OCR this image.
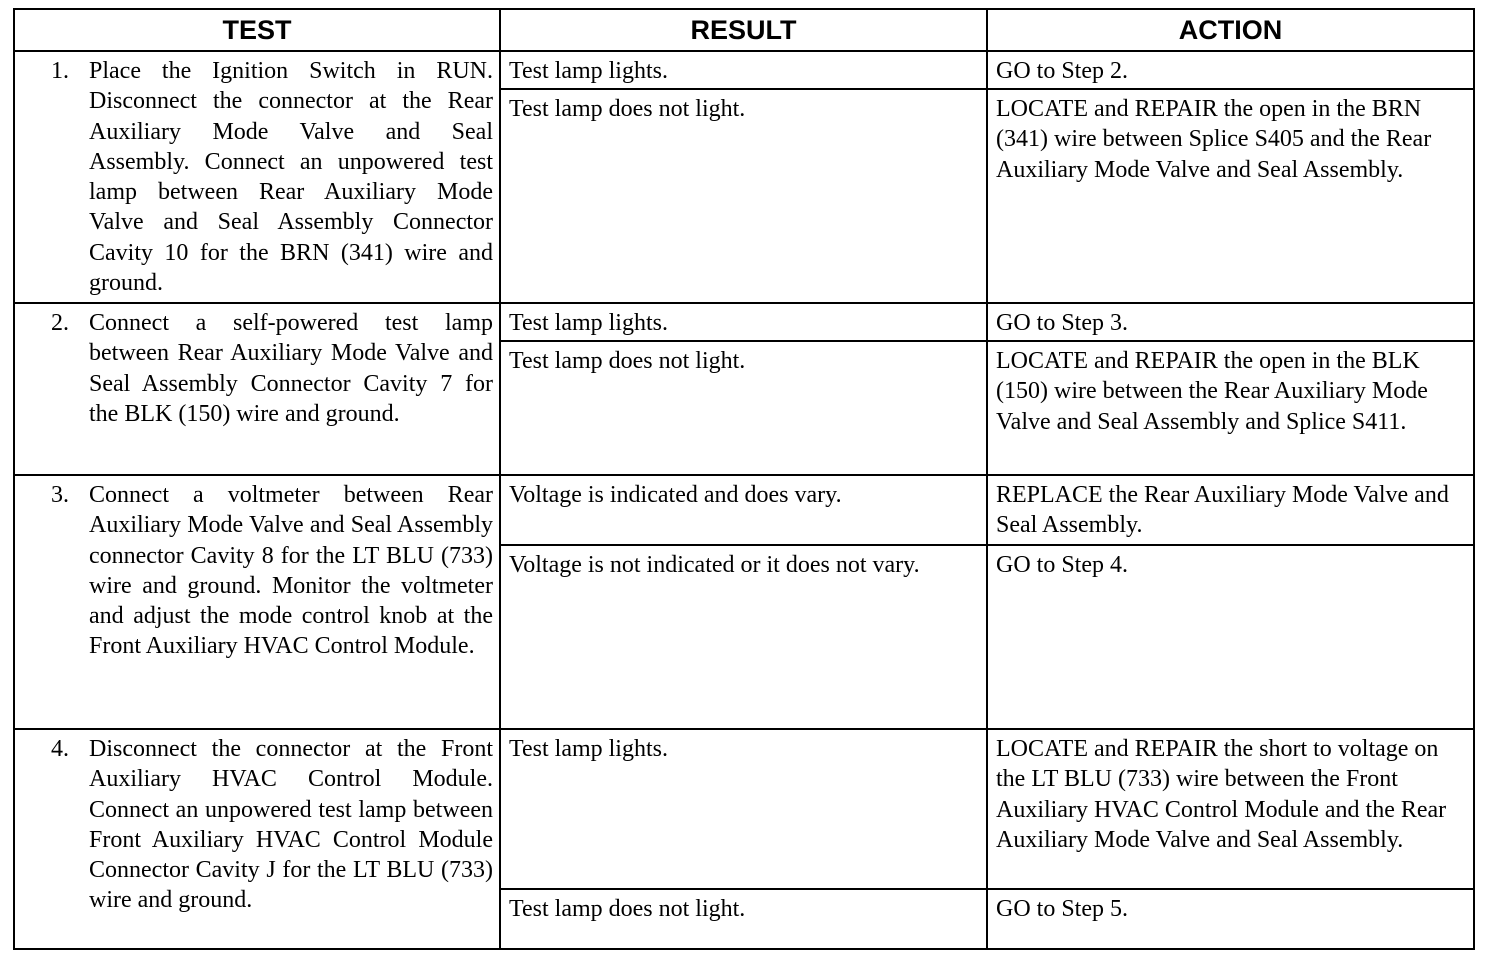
TEST	RESULT	ACTION

1. Place the Ignition Switch in RUN. Disconnect the connector at the Rear Auxiliary Mode Valve and Seal Assembly. Connect an unpowered test lamp between Rear Auxiliary Mode Valve and Seal Assembly Connector Cavity 10 for the BRN (341) wire and ground.	Test lamp lights.	GO to Step 2.
	Test lamp does not light.	LOCATE and REPAIR the open in the BRN (341) wire between Splice S405 and the Rear Auxiliary Mode Valve and Seal Assembly.

2. Connect a self-powered test lamp between Rear Auxiliary Mode Valve and Seal Assembly Connector Cavity 7 for the BLK (150) wire and ground.	Test lamp lights.	GO to Step 3.
	Test lamp does not light.	LOCATE and REPAIR the open in the BLK (150) wire between the Rear Auxiliary Mode Valve and Seal Assembly and Splice S411.

3. Connect a voltmeter between Rear Auxiliary Mode Valve and Seal Assembly connector Cavity 8 for the LT BLU (733) wire and ground. Monitor the voltmeter and adjust the mode control knob at the Front Auxiliary HVAC Control Module.	Voltage is indicated and does vary.	REPLACE the Rear Auxiliary Mode Valve and Seal Assembly.
	Voltage is not indicated or it does not vary.	GO to Step 4.

4. Disconnect the connector at the Front Auxiliary HVAC Control Module. Connect an unpowered test lamp between Front Auxiliary HVAC Control Module Connector Cavity J for the LT BLU (733) wire and ground.	Test lamp lights.	LOCATE and REPAIR the short to voltage on the LT BLU (733) wire between the Front Auxiliary HVAC Control Module and the Rear Auxiliary Mode Valve and Seal Assembly.
	Test lamp does not light.	GO to Step 5.
